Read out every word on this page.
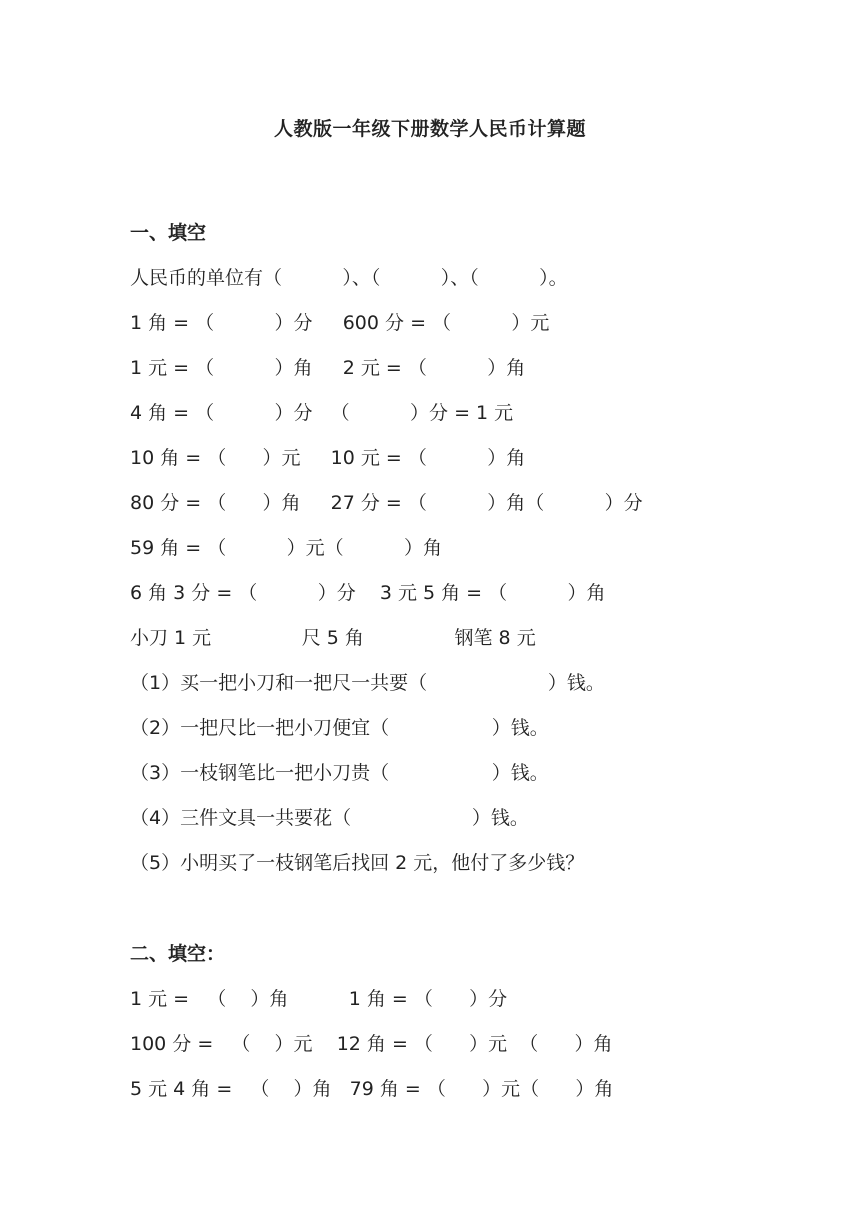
人教版一年级下册数学人民币计算题
一、填空
人民币的单位有（          ）、（          ）、（          ）。
1 角 = （          ）分     600 分 = （          ）元
1 元 = （          ）角     2 元 = （          ）角
4 角 = （          ）分   （          ）分 = 1 元
10 角 = （      ）元     10 元 = （          ）角
80 分 = （      ）角     27 分 = （          ）角（          ）分
59 角 = （          ）元（          ）角
6 角 3 分 = （          ）分    3 元 5 角 = （          ）角
小刀 1 元               尺 5 角               钢笔 8 元
（1）买一把小刀和一把尺一共要（                    ）钱。
（2）一把尺比一把小刀便宜（                 ）钱。
（3）一枝钢笔比一把小刀贵（                 ）钱。
（4）三件文具一共要花（                    ）钱。
（5）小明买了一枝钢笔后找回 2 元，他付了多少钱？
二、填空：
1 元 =   （    ）角          1 角 = （      ）分
100 分 =   （    ）元    12 角 = （      ）元  （      ）角
5 元 4 角 =   （    ）角   79 角 = （      ）元（      ）角
